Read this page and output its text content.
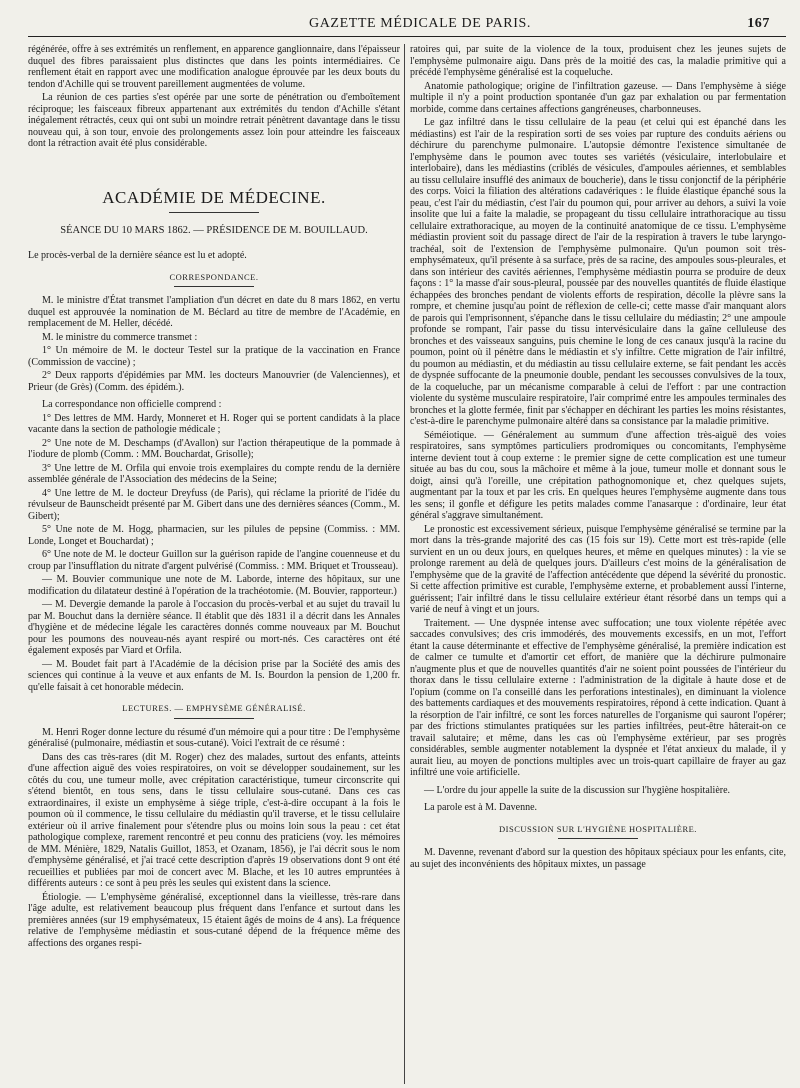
GAZETTE MÉDICALE DE PARIS.	167

régénérée, offre à ses extrémités un renflement, en apparence ganglionnaire, dans l'épaisseur duquel des fibres paraissaient plus distinctes que dans les points intermédiaires. Ce renflement était en rapport avec une modification analogue éprouvée par les deux bouts du tendon d'Achille qui se trouvent pareillement augmentées de volume.

La réunion de ces parties s'est opérée par une sorte de pénétration ou d'emboîtement réciproque; les faisceaux fibreux appartenant aux extrémités du tendon d'Achille s'étant inégalement rétractés, ceux qui ont subi un moindre retrait pénètrent davantage dans le tissu nouveau qui, à son tour, envoie des prolongements assez loin pour atteindre les faisceaux dont la rétraction avait été plus considérable.

ACADÉMIE DE MÉDECINE.
SÉANCE DU 10 MARS 1862. — PRÉSIDENCE DE M. BOUILLAUD.

Le procès-verbal de la dernière séance est lu et adopté.

CORRESPONDANCE.

M. le ministre d'État transmet l'ampliation d'un décret en date du 8 mars 1862, en vertu duquel est approuvée la nomination de M. Béclard au titre de membre de l'Académie, en remplacement de M. Heller, décédé.

M. le ministre du commerce transmet :

1° Un mémoire de M. le docteur Testel sur la pratique de la vaccination en France (Commission de vaccine) ;

2° Deux rapports d'épidémies par MM. les docteurs Manouvrier (de Valenciennes), et Prieur (de Grès) (Comm. des épidém.).

La correspondance non officielle comprend :

1° Des lettres de MM. Hardy, Monneret et H. Roger qui se portent candidats à la place vacante dans la section de pathologie médicale ;

2° Une note de M. Deschamps (d'Avallon) sur l'action thérapeutique de la pommade à l'iodure de plomb (Comm. : MM. Bouchardat, Grisolle);

3° Une lettre de M. Orfila qui envoie trois exemplaires du compte rendu de la dernière assemblée générale de l'Association des médecins de la Seine;

4° Une lettre de M. le docteur Dreyfuss (de Paris), qui réclame la priorité de l'idée du révulseur de Baunscheidt présenté par M. Gibert dans une des dernières séances (Comm., M. Gibert);

5° Une note de M. Hogg, pharmacien, sur les pilules de pepsine (Commiss. : MM. Londe, Longet et Bouchardat) ;

6° Une note de M. le docteur Guillon sur la guérison rapide de l'angine couenneuse et du croup par l'insufflation du nitrate d'argent pulvérisé (Commiss. : MM. Briquet et Trousseau).

— M. Bouvier communique une note de M. Laborde, interne des hôpitaux, sur une modification du dilatateur destiné à l'opération de la trachéotomie. (M. Bouvier, rapporteur.)

— M. Devergie demande la parole à l'occasion du procès-verbal et au sujet du travail lu par M. Bouchut dans la dernière séance. Il établit que dès 1831 il a décrit dans les Annales d'hygiène et de médecine légale les caractères donnés comme nouveaux par M. Bouchut pour les poumons des nouveau-nés ayant respiré ou mort-nés. Ces caractères ont été également exposés par Viard et Orfila.

— M. Boudet fait part à l'Académie de la décision prise par la Société des amis des sciences qui continue à la veuve et aux enfants de M. Is. Bourdon la pension de 1,200 fr. qu'elle faisait à cet honorable médecin.

LECTURES. — EMPHYSÈME GÉNÉRALISÉ.

M. Henri Roger donne lecture du résumé d'un mémoire qui a pour titre : De l'emphysème généralisé (pulmonaire, médiastin et sous-cutané). Voici l'extrait de ce résumé :

Dans des cas très-rares (dit M. Roger) chez des malades, surtout des enfants, atteints d'une affection aiguë des voies respiratoires, on voit se développer soudainement, sur les côtés du cou, une tumeur molle, avec crépitation caractéristique, tumeur circonscrite qui s'étend bientôt, en tous sens, dans le tissu cellulaire sous-cutané. Dans ces cas extraordinaires, il existe un emphysème à siége triple, c'est-à-dire occupant à la fois le poumon où il commence, le tissu cellulaire du médiastin qu'il traverse, et le tissu cellulaire extérieur où il arrive finalement pour s'étendre plus ou moins loin sous la peau : cet état pathologique complexe, rarement rencontré et peu connu des praticiens (voy. les mémoires de MM. Ménière, 1829, Natalis Guillot, 1853, et Ozanam, 1856), je l'ai décrit sous le nom d'emphysème généralisé, et j'ai tracé cette description d'après 19 observations dont 9 ont été recueillies et publiées par moi de concert avec M. Blache, et les 10 autres empruntées à différents auteurs : ce sont à peu près les seules qui existent dans la science.

Étiologie. — L'emphysème généralisé, exceptionnel dans la vieillesse, très-rare dans l'âge adulte, est relativement beaucoup plus fréquent dans l'enfance et surtout dans les premières années (sur 19 emphysémateux, 15 étaient âgés de moins de 4 ans). La fréquence relative de l'emphysème médiastin et sous-cutané dépend de la fréquence même des affections des organes respi-

ratoires qui, par suite de la violence de la toux, produisent chez les jeunes sujets de l'emphysème pulmonaire aigu. Dans près de la moitié des cas, la maladie primitive qui a précédé l'emphysème généralisé est la coqueluche.

Anatomie pathologique; origine de l'infiltration gazeuse. — Dans l'emphysème à siége multiple il n'y a point production spontanée d'un gaz par exhalation ou par fermentation morbide, comme dans certaines affections gangréneuses, charbonneuses.

Le gaz infiltré dans le tissu cellulaire de la peau (et celui qui est épanché dans les médiastins) est l'air de la respiration sorti de ses voies par rupture des conduits aériens ou déchirure du parenchyme pulmonaire. L'autopsie démontre l'existence simultanée de l'emphysème dans le poumon avec toutes ses variétés (vésiculaire, interlobulaire et interlobaire), dans les médiastins (criblés de vésicules, d'ampoules aériennes, et semblables au tissu cellulaire insufflé des animaux de boucherie), dans le tissu conjonctif de la périphérie des corps. Voici la filiation des altérations cadavériques : le fluide élastique épanché sous la peau, c'est l'air du médiastin, c'est l'air du poumon qui, pour arriver au dehors, a suivi la voie insolite que lui a faite la maladie, se propageant du tissu cellulaire intrathoracique au tissu cellulaire extrathoracique, au moyen de la continuité anatomique de ce tissu. L'emphysème médiastin provient soit du passage direct de l'air de la respiration à travers le tube laryngo-trachéal, soit de l'extension de l'emphysème pulmonaire. Qu'un poumon soit très-emphysémateux, qu'il présente à sa surface, près de sa racine, des ampoules sous-pleurales, et dans son intérieur des cavités aériennes, l'emphysème médiastin pourra se produire de deux façons : 1° la masse d'air sous-pleural, poussée par des nouvelles quantités de fluide élastique échappées des bronches pendant de violents efforts de respiration, décolle la plèvre sans la rompre, et chemine jusqu'au point de réflexion de celle-ci; cette masse d'air manquant alors de parois qui l'emprisonnent, s'épanche dans le tissu cellulaire du médiastin; 2° une ampoule profonde se rompant, l'air passe du tissu intervésiculaire dans la gaîne celluleuse des bronches et des vaisseaux sanguins, puis chemine le long de ces canaux jusqu'à la racine du poumon, point où il pénètre dans le médiastin et s'y infiltre. Cette migration de l'air infiltré, du poumon au médiastin, et du médiastin au tissu cellulaire externe, se fait pendant les accès de dyspnée suffocante de la pneumonie double, pendant les secousses convulsives de la toux, de la coqueluche, par un mécanisme comparable à celui de l'effort : par une contraction violente du système musculaire respiratoire, l'air comprimé entre les ampoules terminales des bronches et la glotte fermée, finit par s'échapper en déchirant les parties les moins résistantes, c'est-à-dire le parenchyme pulmonaire altéré dans sa consistance par la maladie primitive.

Séméiotique. — Généralement au summum d'une affection très-aiguë des voies respiratoires, sans symptômes particuliers prodromiques ou concomitants, l'emphysème interne devient tout à coup externe : le premier signe de cette complication est une tumeur située au bas du cou, sous la mâchoire et même à la joue, tumeur molle et donnant sous le doigt, ainsi qu'à l'oreille, une crépitation pathognomonique et, chez quelques sujets, augmentant par la toux et par les cris. En quelques heures l'emphysème augmente dans tous les sens; il gonfle et défigure les petits malades comme l'anasarque : d'ordinaire, leur état général s'aggrave simultanément.

Le pronostic est excessivement sérieux, puisque l'emphysème généralisé se termine par la mort dans la très-grande majorité des cas (15 fois sur 19). Cette mort est très-rapide (elle survient en un ou deux jours, en quelques heures, et même en quelques minutes) : la vie se prolonge rarement au delà de quelques jours. D'ailleurs c'est moins de la généralisation de l'emphysème que de la gravité de l'affection antécédente que dépend la sévérité du pronostic. Si cette affection primitive est curable, l'emphysème externe, et probablement aussi l'interne, guérissent; l'air infiltré dans le tissu cellulaire extérieur étant résorbé dans un temps qui a varié de neuf à vingt et un jours.

Traitement. — Une dyspnée intense avec suffocation; une toux violente répétée avec saccades convulsives; des cris immodérés, des mouvements excessifs, en un mot, l'effort étant la cause déterminante et effective de l'emphysème généralisé, la première indication est de calmer ce tumulte et d'amortir cet effort, de manière que la déchirure pulmonaire n'augmente plus et que de nouvelles quantités d'air ne soient point poussées de l'intérieur du thorax dans le tissu cellulaire externe : l'administration de la digitale à haute dose et de l'opium (comme on l'a conseillé dans les perforations intestinales), en diminuant la violence des battements cardiaques et des mouvements respiratoires, répond à cette indication. Quant à la résorption de l'air infiltré, ce sont les forces naturelles de l'organisme qui sauront l'opérer; par des frictions stimulantes pratiquées sur les parties infiltrées, peut-être hâterait-on ce travail salutaire; et même, dans les cas où l'emphysème extérieur, par ses progrès considérables, semble augmenter notablement la dyspnée et l'état anxieux du malade, il y aurait lieu, au moyen de ponctions multiples avec un trois-quart capillaire de frayer au gaz infiltré une voie artificielle.

— L'ordre du jour appelle la suite de la discussion sur l'hygiène hospitalière.

La parole est à M. Davenne.

DISCUSSION SUR L'HYGIÈNE HOSPITALIÈRE.

M. Davenne, revenant d'abord sur la question des hôpitaux spéciaux pour les enfants, cite, au sujet des inconvénients des hôpitaux mixtes, un passage
